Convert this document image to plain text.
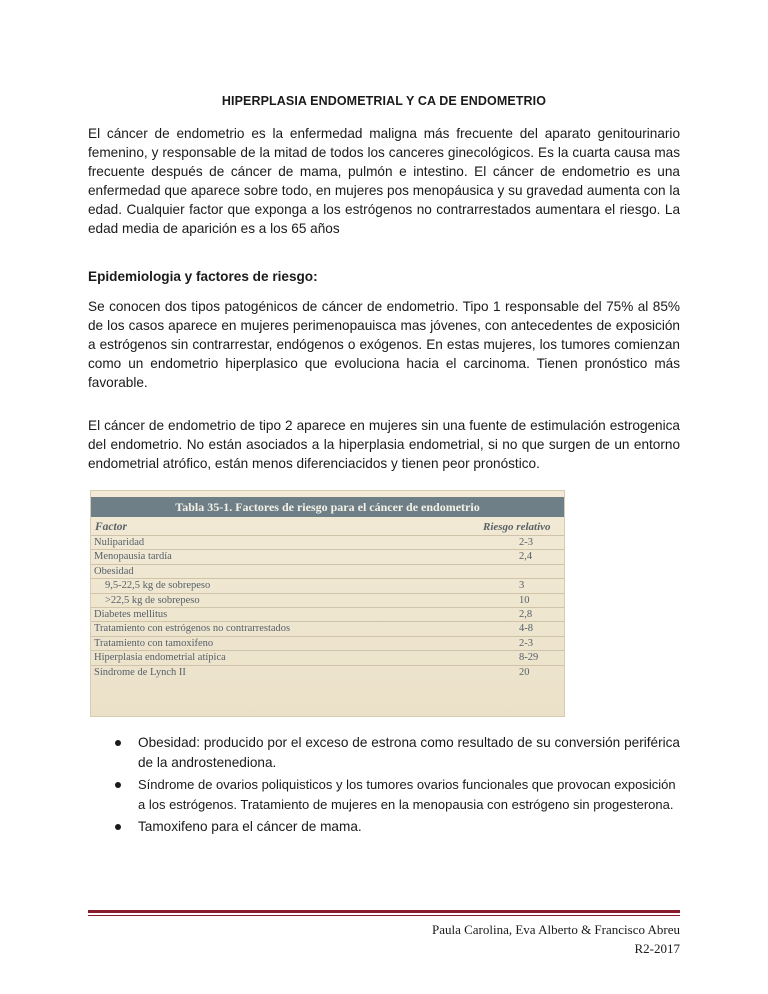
HIPERPLASIA ENDOMETRIAL Y CA DE ENDOMETRIO

El cáncer de endometrio es la enfermedad maligna más frecuente del aparato genitourinario femenino, y responsable de la mitad de todos los canceres ginecológicos. Es la cuarta causa mas frecuente después de cáncer de mama, pulmón e intestino. El cáncer de endometrio es una enfermedad que aparece sobre todo, en mujeres pos menopáusica y su gravedad aumenta con la edad. Cualquier factor que exponga a los estrógenos no contrarrestados aumentara el riesgo. La edad media de aparición es a los 65 años

Epidemiologia y factores de riesgo:

Se conocen dos tipos patogénicos de cáncer de endometrio. Tipo 1 responsable del 75% al 85% de los casos aparece en mujeres perimenopauisca mas jóvenes, con antecedentes de exposición a estrógenos sin contrarrestar, endógenos o exógenos. En estas mujeres, los tumores comienzan como un endometrio hiperplasico que evoluciona hacia el carcinoma. Tienen pronóstico más favorable.

El cáncer de endometrio de tipo 2 aparece en mujeres sin una fuente de estimulación estrogenica del endometrio. No están asociados a la hiperplasia endometrial, si no que surgen de un entorno endometrial atrófico, están menos diferenciacidos y tienen peor pronóstico.

Tabla 35-1. Factores de riesgo para el cáncer de endometrio
Factor	Riesgo relativo
Nuliparidad	2-3
Menopausia tardía	2,4
Obesidad
9,5-22,5 kg de sobrepeso	3
>22,5 kg de sobrepeso	10
Diabetes mellitus	2,8
Tratamiento con estrógenos no contrarrestados	4-8
Tratamiento con tamoxifeno	2-3
Hiperplasia endometrial atípica	8-29
Síndrome de Lynch II	20
Obesidad: producido por el exceso de estrona como resultado de su conversión periférica de la androstenediona.
Síndrome de ovarios poliquisticos y los tumores ovarios funcionales que provocan exposición a los estrógenos. Tratamiento de mujeres en la menopausia con estrógeno sin progesterona.
Tamoxifeno para el cáncer de mama.
Paula Carolina, Eva Alberto & Francisco Abreu
R2-2017
